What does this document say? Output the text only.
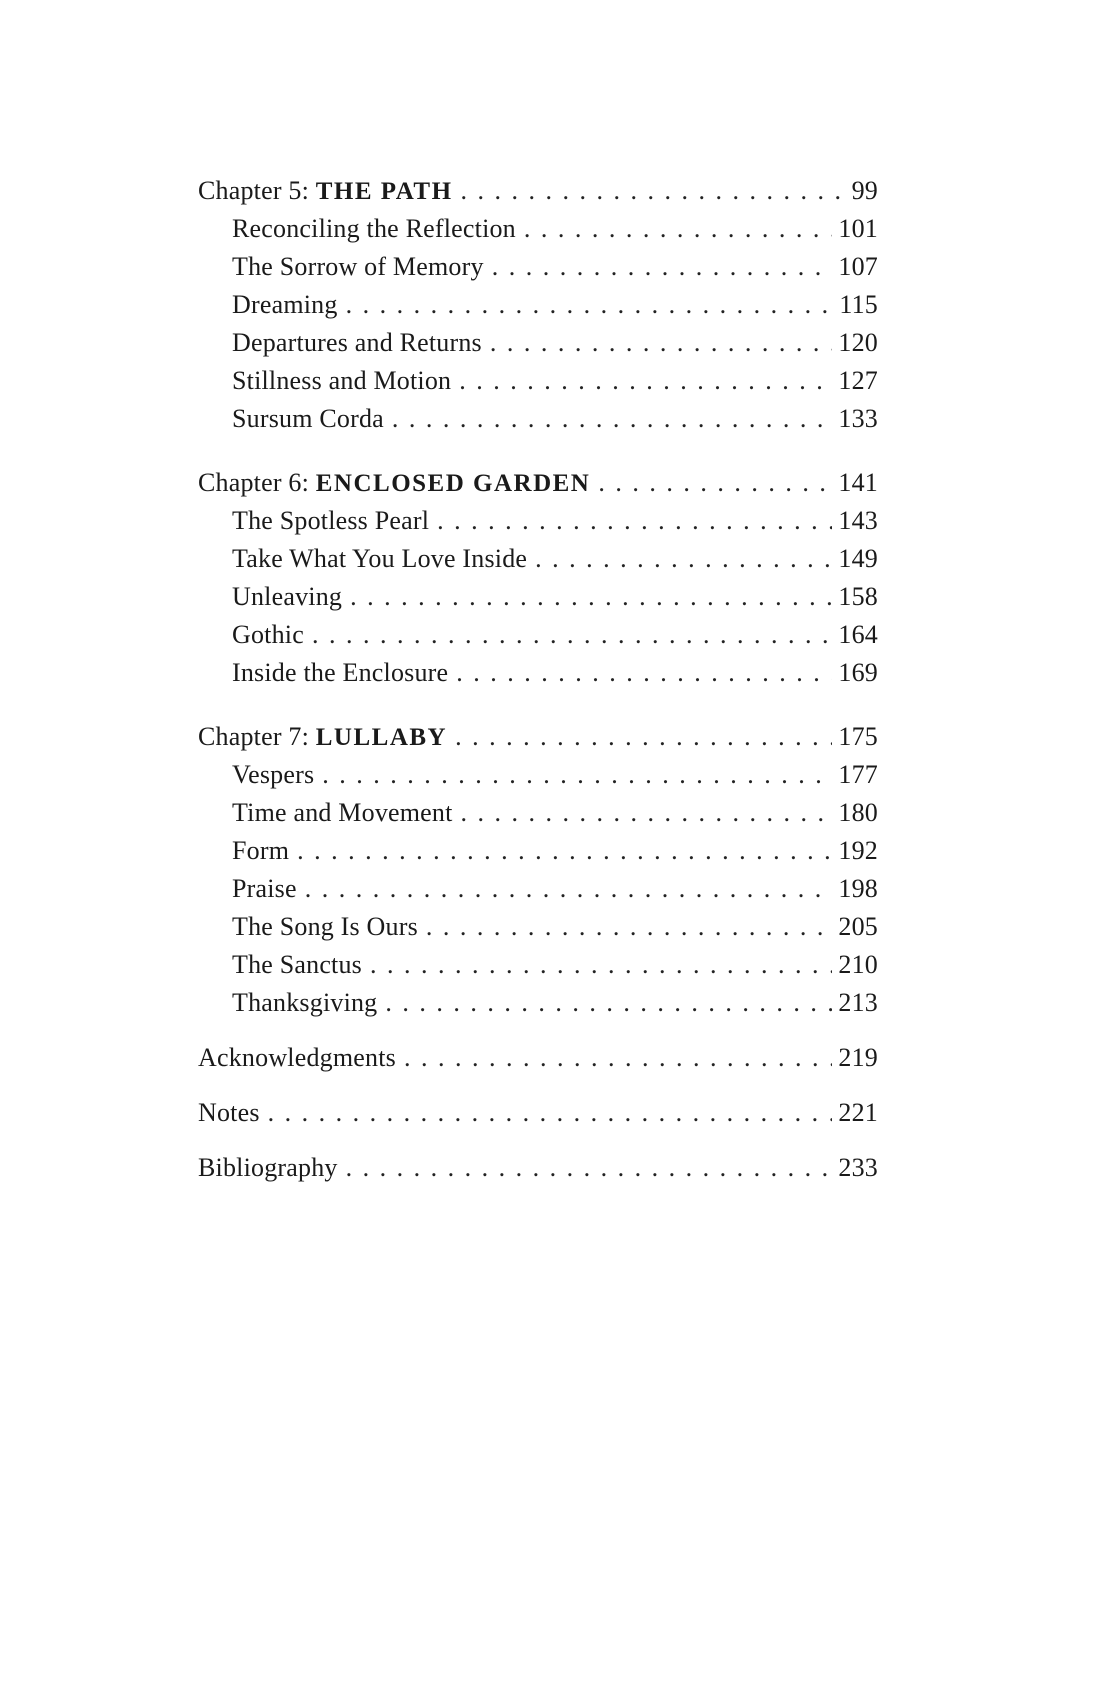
Chapter 5: THE PATH . . .	99
Reconciling the Reflection . . .	101
The Sorrow of Memory . . .	107
Dreaming . . .	115
Departures and Returns . . .	120
Stillness and Motion . . .	127
Sursum Corda . . .	133
Chapter 6: ENCLOSED GARDEN . . .	141
The Spotless Pearl . . .	143
Take What You Love Inside . . .	149
Unleaving . . .	158
Gothic . . .	164
Inside the Enclosure . . .	169
Chapter 7: LULLABY . . .	175
Vespers . . .	177
Time and Movement . . .	180
Form . . .	192
Praise . . .	198
The Song Is Ours . . .	205
The Sanctus . . .	210
Thanksgiving . . .	213
Acknowledgments . . .	219
Notes . . .	221
Bibliography . . .	233
